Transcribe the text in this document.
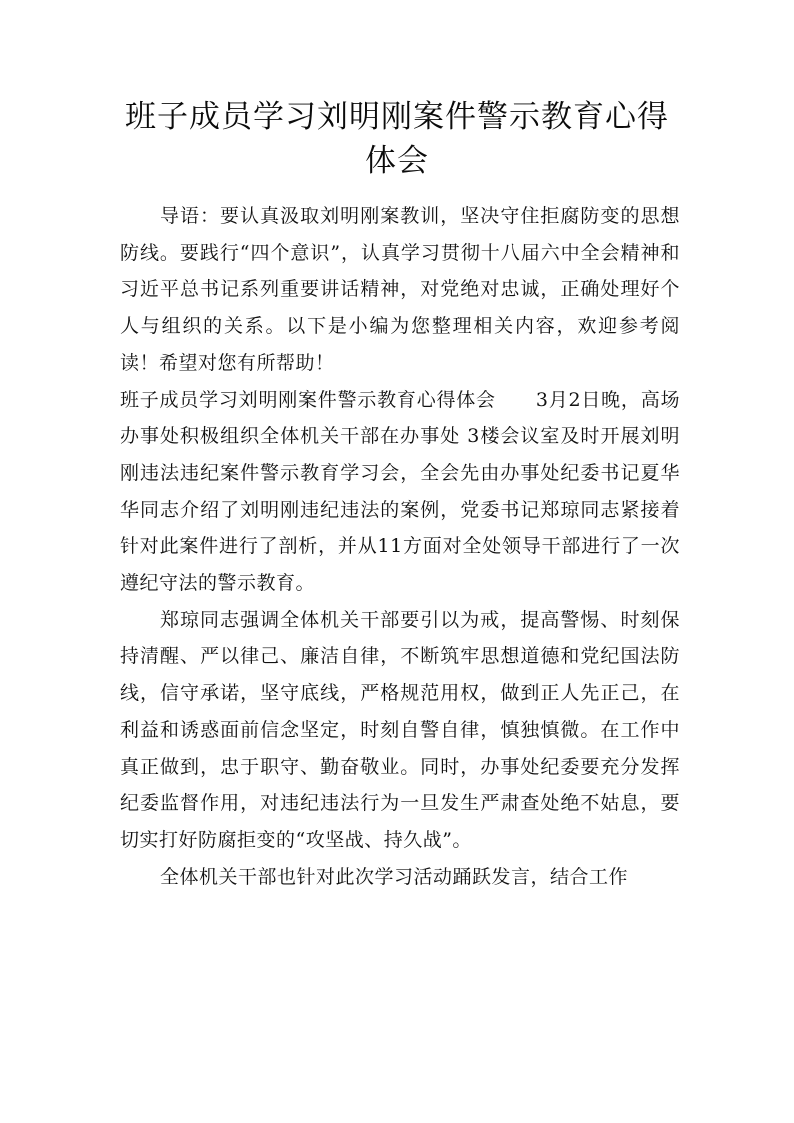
班子成员学习刘明刚案件警示教育心得
体会

导语：要认真汲取刘明刚案教训，坚决守住拒腐防变的思想防线。要践行“四个意识”，认真学习贯彻十八届六中全会精神和习近平总书记系列重要讲话精神，对党绝对忠诚，正确处理好个人与组织的关系。以下是小编为您整理相关内容，欢迎参考阅读！希望对您有所帮助！

班子成员学习刘明刚案件警示教育心得体会 3月2日晚，高场办事处积极组织全体机关干部在办事处 3楼会议室及时开展刘明刚违法违纪案件警示教育学习会，全会先由办事处纪委书记夏华华同志介绍了刘明刚违纪违法的案例，党委书记郑琼同志紧接着针对此案件进行了剖析，并从11方面对全处领导干部进行了一次遵纪守法的警示教育。

郑琼同志强调全体机关干部要引以为戒，提高警惕、时刻保持清醒、严以律己、廉洁自律，不断筑牢思想道德和党纪国法防线，信守承诺，坚守底线，严格规范用权，做到正人先正己，在利益和诱惑面前信念坚定，时刻自警自律，慎独慎微。在工作中真正做到，忠于职守、勤奋敬业。同时，办事处纪委要充分发挥纪委监督作用，对违纪违法行为一旦发生严肃查处绝不姑息，要切实打好防腐拒变的“攻坚战、持久战”。

全体机关干部也针对此次学习活动踊跃发言，结合工作
